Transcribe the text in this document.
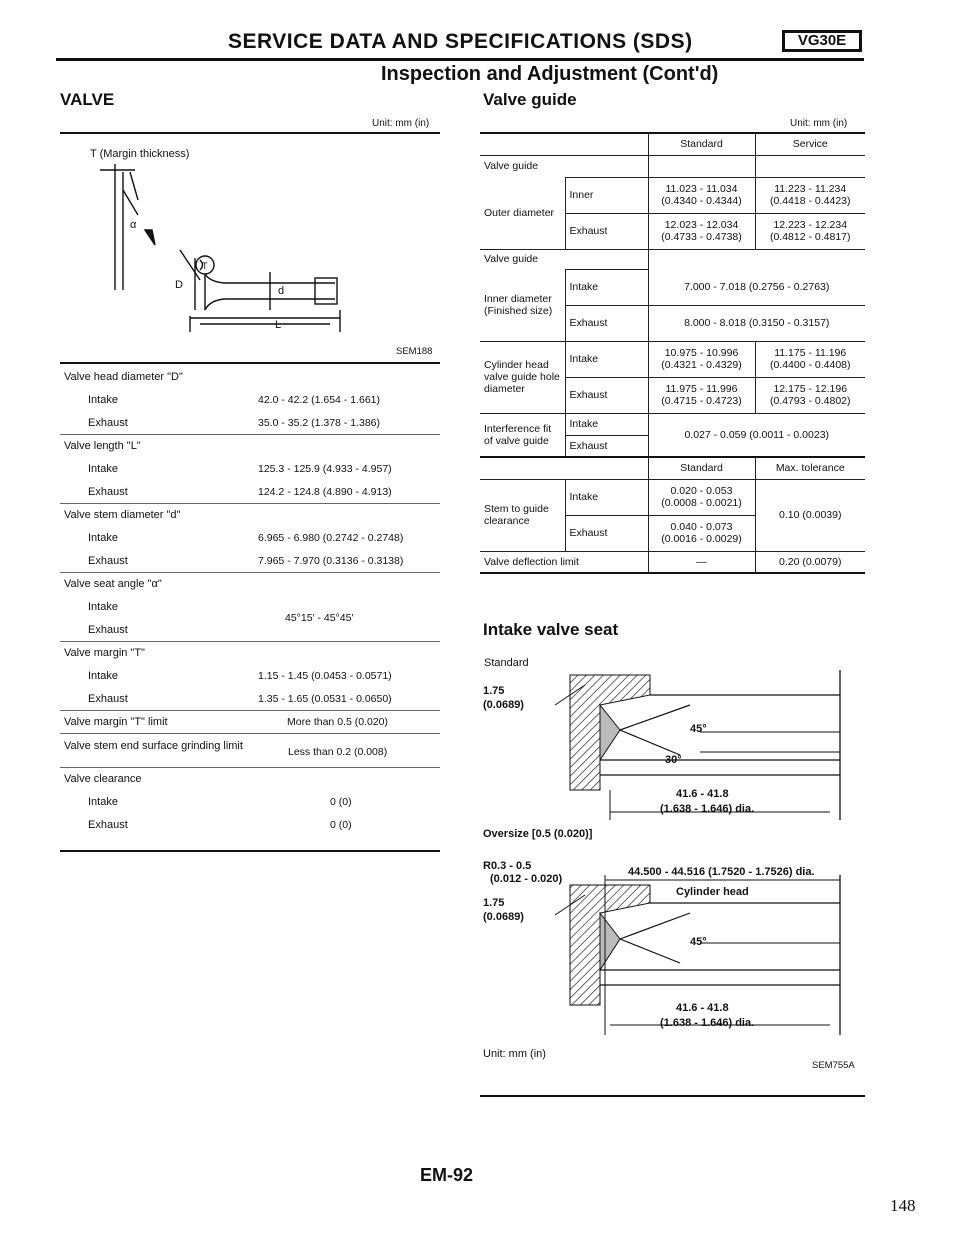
SERVICE DATA AND SPECIFICATIONS (SDS)	VG30E
Inspection and Adjustment (Cont'd)
VALVE
Unit: mm (in)
T (Margin thickness)
α
D	d
L
T
SEM188
Valve head diameter "D"
Intake	42.0 - 42.2 (1.654 - 1.661)
Exhaust	35.0 - 35.2 (1.378 - 1.386)
Valve length "L"
Intake	125.3 - 125.9 (4.933 - 4.957)
Exhaust	124.2 - 124.8 (4.890 - 4.913)
Valve stem diameter "d"
Intake	6.965 - 6.980 (0.2742 - 0.2748)
Exhaust	7.965 - 7.970 (0.3136 - 0.3138)
Valve seat angle "α"
Intake
Exhaust
45°15′ - 45°45′
Valve margin "T"
Intake	1.15 - 1.45 (0.0453 - 0.0571)
Exhaust	1.35 - 1.65 (0.0531 - 0.0650)
Valve margin "T" limit	More than 0.5 (0.020)
Valve stem end surface grinding limit	Less than 0.2 (0.008)
Valve clearance
Intake	0 (0)
Exhaust	0 (0)
Valve guide
Unit: mm (in)
		Standard	Service
Valve guide			
Outer diameter	Inner	11.023 - 11.034 (0.4340 - 0.4344)	11.223 - 11.234 (0.4418 - 0.4423)
	Exhaust	12.023 - 12.034 (0.4733 - 0.4738)	12.223 - 12.234 (0.4812 - 0.4817)
Valve guide			
Inner diameter (Finished size)	Intake	7.000 - 7.018 (0.2756 - 0.2763)	
	Exhaust	8.000 - 8.018 (0.3150 - 0.3157)	
Cylinder head valve guide hole diameter	Intake	10.975 - 10.996 (0.4321 - 0.4329)	11.175 - 11.196 (0.4400 - 0.4408)
	Exhaust	11.975 - 11.996 (0.4715 - 0.4723)	12.175 - 12.196 (0.4793 - 0.4802)
Interference fit of valve guide	Intake	0.027 - 0.059 (0.0011 - 0.0023)	
	Exhaust		
		Standard	Max. tolerance
Stem to guide clearance	Intake	0.020 - 0.053 (0.0008 - 0.0021)	0.10 (0.0039)
	Exhaust	0.040 - 0.073 (0.0016 - 0.0029)	
Valve deflection limit		—	0.20 (0.0079)
Intake valve seat
Standard
1.75
(0.0689)
45°
30°
41.6 - 41.8
(1.638 - 1.646) dia.
Oversize [0.5 (0.020)]
R0.3 - 0.5
(0.012 - 0.020)
44.500 - 44.516 (1.7520 - 1.7526) dia.
Cylinder head
1.75
(0.0689)
45°
41.6 - 41.8
(1.638 - 1.646) dia.
Unit: mm (in)
SEM755A
EM-92
148
